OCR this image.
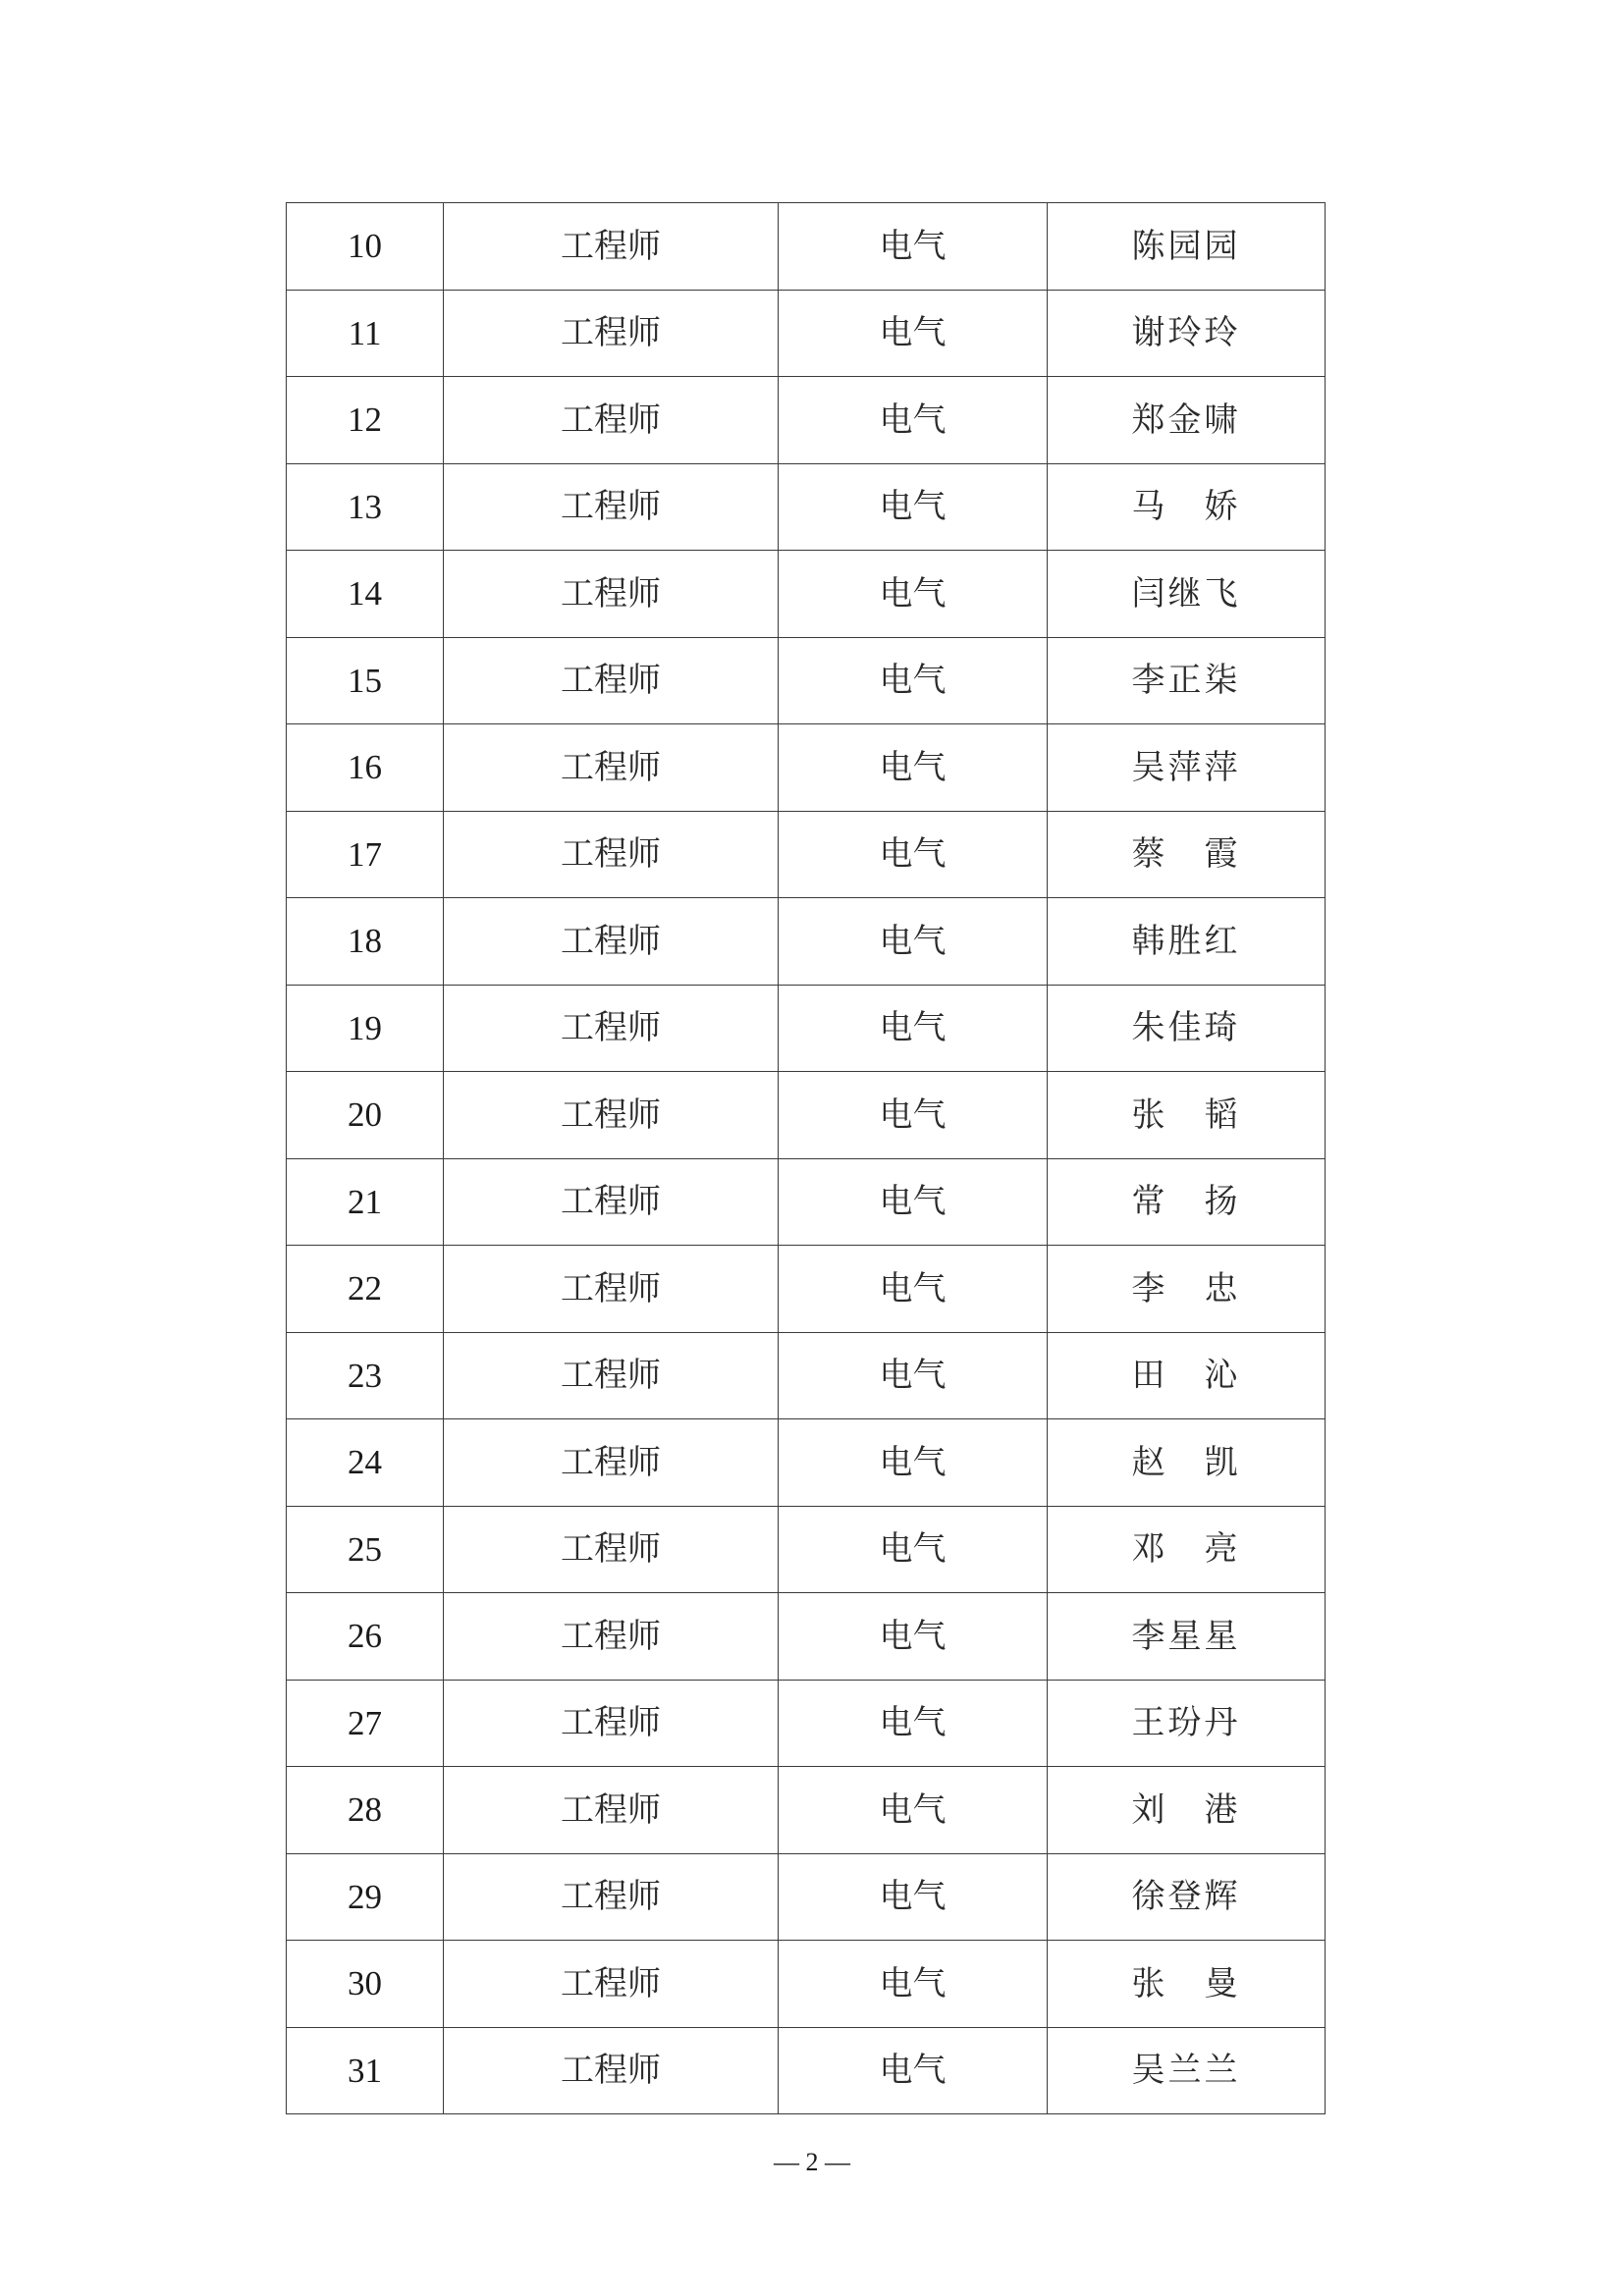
10	工程师	电气	陈园园
11	工程师	电气	谢玲玲
12	工程师	电气	郑金啸
13	工程师	电气	马　娇
14	工程师	电气	闫继飞
15	工程师	电气	李正柒
16	工程师	电气	吴萍萍
17	工程师	电气	蔡　霞
18	工程师	电气	韩胜红
19	工程师	电气	朱佳琦
20	工程师	电气	张　韬
21	工程师	电气	常　扬
22	工程师	电气	李　忠
23	工程师	电气	田　沁
24	工程师	电气	赵　凯
25	工程师	电气	邓　亮
26	工程师	电气	李星星
27	工程师	电气	王玢丹
28	工程师	电气	刘　港
29	工程师	电气	徐登辉
30	工程师	电气	张　曼
31	工程师	电气	吴兰兰
— 2 —
